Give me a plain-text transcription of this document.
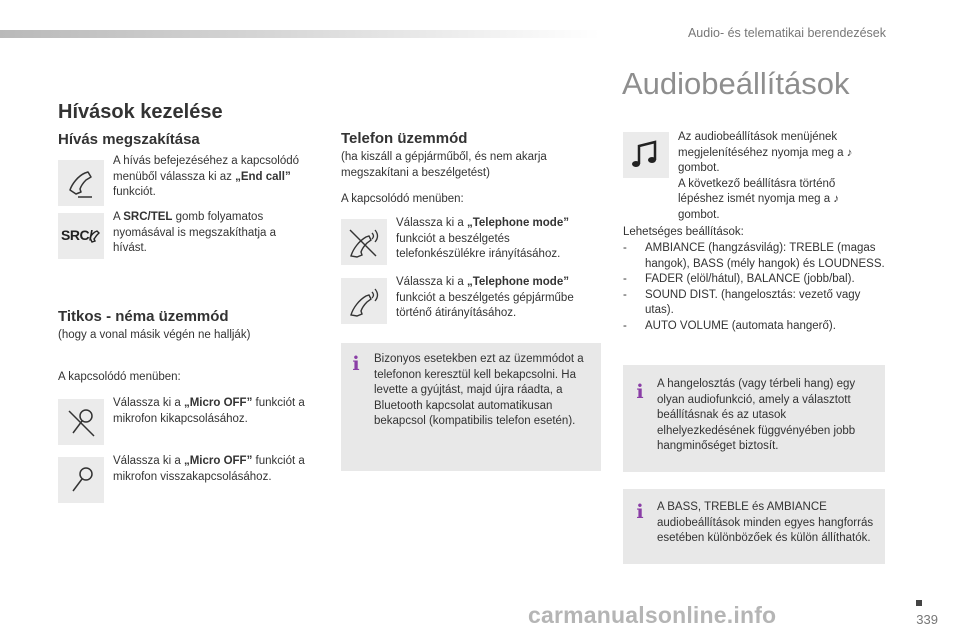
Audio- és telematikai berendezések
Hívások kezelése
Hívás megszakítása
A hívás befejezéséhez a kapcsolódó menüből válassza ki az „End call” funkciót.
SRC/
A SRC/TEL gomb folyamatos nyomásával is megszakíthatja a hívást.
Titkos - néma üzemmód
(hogy a vonal másik végén ne hallják)
A kapcsolódó menüben:
Válassza ki a „Micro OFF” funkciót a mikrofon kikapcsolásához.
Válassza ki a „Micro OFF” funkciót a mikrofon visszakapcsolásához.
Telefon üzemmód
(ha kiszáll a gépjárműből, és nem akarja megszakítani a beszélgetést)
A kapcsolódó menüben:
Válassza ki a „Telephone mode” funkciót a beszélgetés telefonkészülékre irányításához.
Válassza ki a „Telephone mode” funkciót a beszélgetés gépjárműbe történő átirányításához.
i Bizonyos esetekben ezt az üzemmódot a telefonon keresztül kell bekapcsolni. Ha levette a gyújtást, majd újra ráadta, a Bluetooth kapcsolat automatikusan bekapcsol (kompatibilis telefon esetén).
Audiobeállítások
Az audiobeállítások menüjének megjelenítéséhez nyomja meg a ♪ gombot.
A következő beállításra történő lépéshez ismét nyomja meg a ♪ gombot.
Lehetséges beállítások:
- AMBIANCE (hangzásvilág): TREBLE (magas hangok), BASS (mély hangok) és LOUDNESS.
- FADER (elöl/hátul), BALANCE (jobb/bal).
- SOUND DIST. (hangelosztás: vezető vagy utas).
- AUTO VOLUME (automata hangerő).
i A hangelosztás (vagy térbeli hang) egy olyan audiofunkció, amely a választott beállításnak és az utasok elhelyezkedésének függvényében jobb hangminőséget biztosít.
i A BASS, TREBLE és AMBIANCE audiobeállítások minden egyes hangforrás esetében különbözőek és külön állíthatók.
339
carmanualsonline.info
